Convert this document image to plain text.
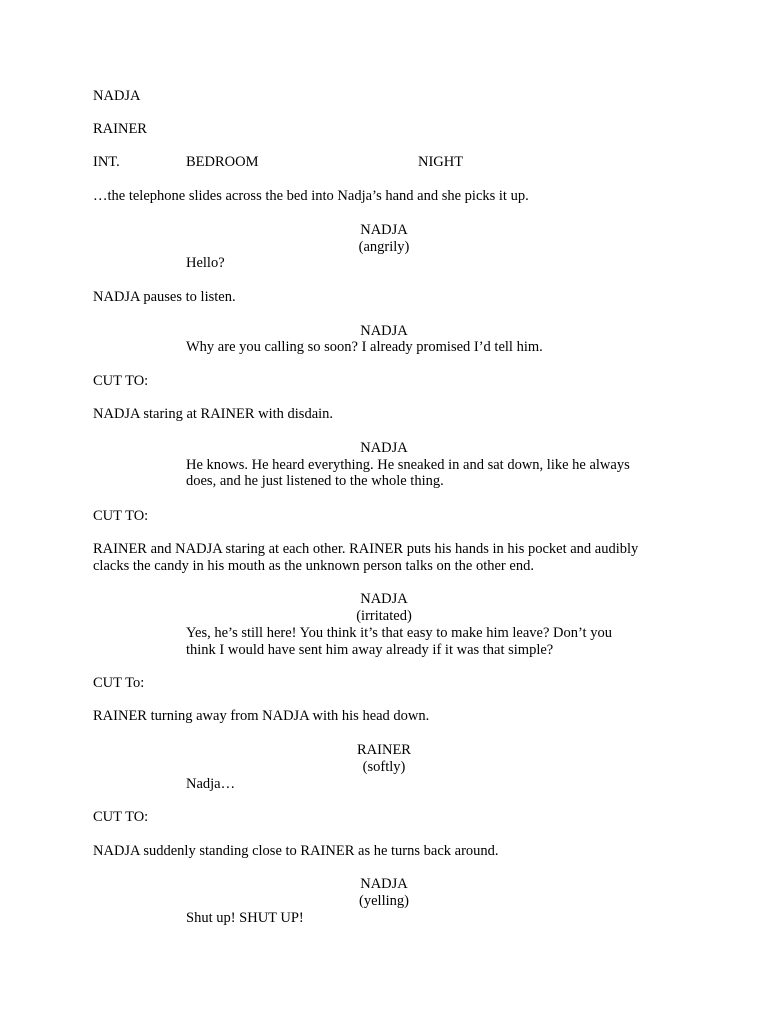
NADJA
RAINER
INT.	BEDROOM	NIGHT
…the telephone slides across the bed into Nadja’s hand and she picks it up.
NADJA
(angrily)
Hello?
NADJA pauses to listen.
NADJA
Why are you calling so soon? I already promised I’d tell him.
CUT TO:
NADJA staring at RAINER with disdain.
NADJA
He knows. He heard everything. He sneaked in and sat down, like he always
does, and he just listened to the whole thing.
CUT TO:
RAINER and NADJA staring at each other. RAINER puts his hands in his pocket and audibly
clacks the candy in his mouth as the unknown person talks on the other end.
NADJA
(irritated)
Yes, he’s still here! You think it’s that easy to make him leave? Don’t you
think I would have sent him away already if it was that simple?
CUT To:
RAINER turning away from NADJA with his head down.
RAINER
(softly)
Nadja…
CUT TO:
NADJA suddenly standing close to RAINER as he turns back around.
NADJA
(yelling)
Shut up! SHUT UP!
